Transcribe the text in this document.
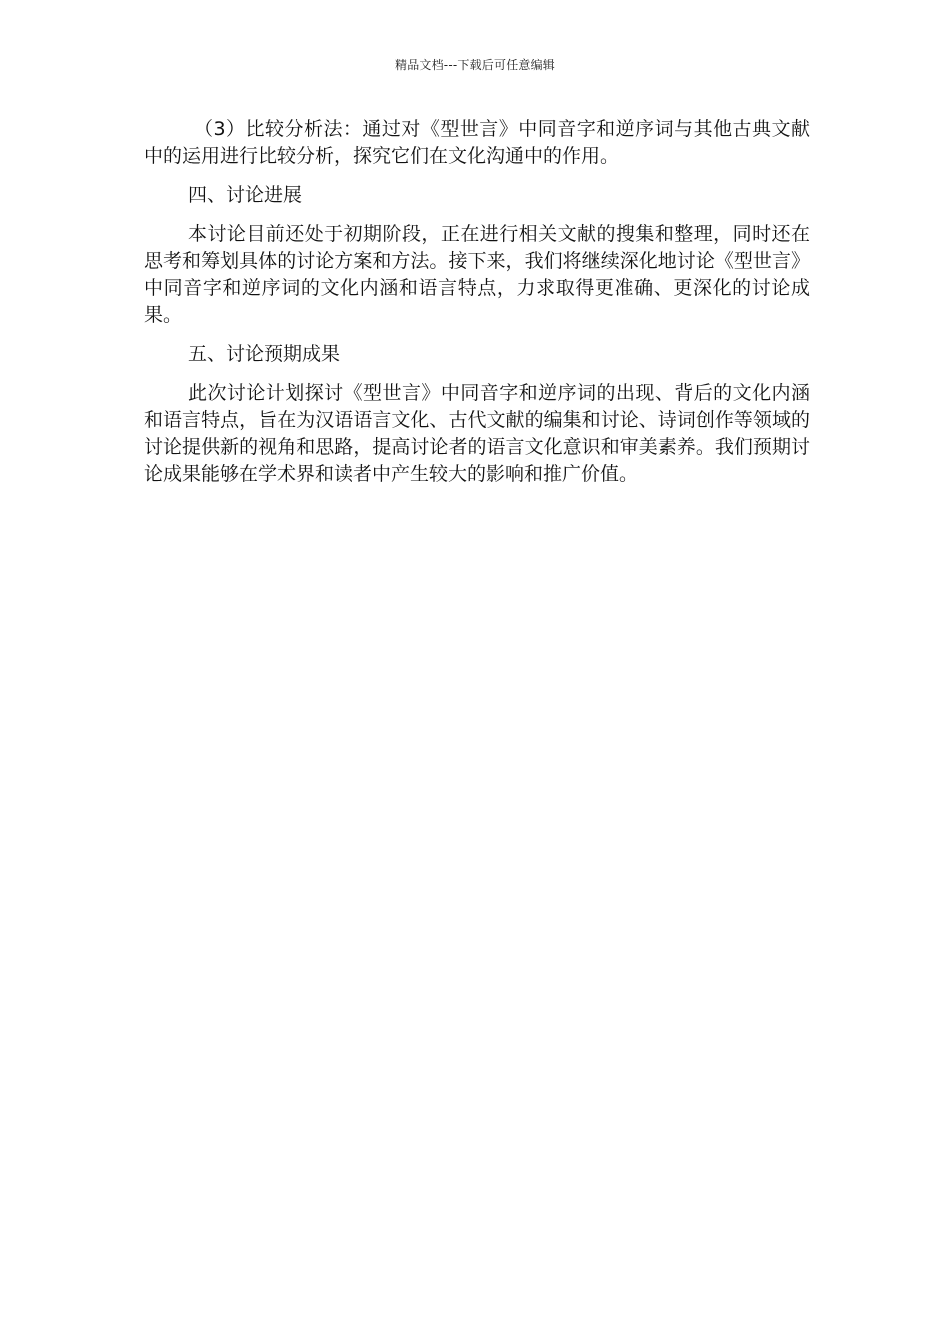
精品文档---下载后可任意编辑

（3）比较分析法：通过对《型世言》中同音字和逆序词与其他古典文献中的运用进行比较分析，探究它们在文化沟通中的作用。

四、讨论进展

本讨论目前还处于初期阶段，正在进行相关文献的搜集和整理，同时还在思考和筹划具体的讨论方案和方法。接下来，我们将继续深化地讨论《型世言》中同音字和逆序词的文化内涵和语言特点，力求取得更准确、更深化的讨论成果。

五、讨论预期成果

此次讨论计划探讨《型世言》中同音字和逆序词的出现、背后的文化内涵和语言特点，旨在为汉语语言文化、古代文献的编集和讨论、诗词创作等领域的讨论提供新的视角和思路，提高讨论者的语言文化意识和审美素养。我们预期讨论成果能够在学术界和读者中产生较大的影响和推广价值。
